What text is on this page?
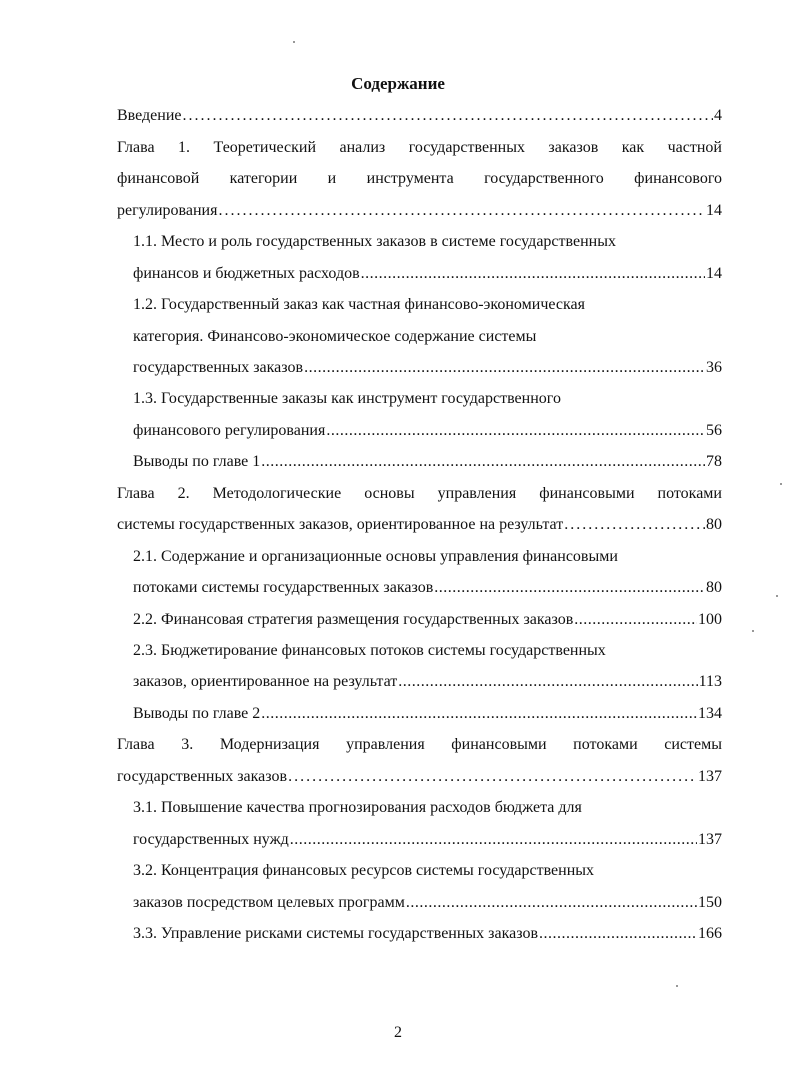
Содержание
Введение .....	4
Глава 1. Теоретический анализ государственных заказов как частной
финансовой категории и инструмента государственного финансового
регулирования .....	14
1.1. Место и роль государственных заказов в системе государственных
финансов и бюджетных расходов .....	14
1.2. Государственный заказ как частная финансово-экономическая
категория. Финансово-экономическое содержание системы
государственных заказов .....	36
1.3. Государственные заказы как инструмент государственного
финансового регулирования .....	56
Выводы по главе 1 .....	78
Глава 2. Методологические основы управления финансовыми потоками
системы государственных заказов, ориентированное на результат .....	80
2.1. Содержание и организационные основы управления финансовыми
потоками системы государственных заказов .....	80
2.2. Финансовая стратегия размещения государственных заказов .....	100
2.3. Бюджетирование финансовых потоков системы государственных
заказов, ориентированное на результат .....	113
Выводы по главе 2 .....	134
Глава 3. Модернизация управления финансовыми потоками системы
государственных заказов .....	137
3.1. Повышение качества прогнозирования расходов бюджета для
государственных нужд .....	137
3.2. Концентрация финансовых ресурсов системы государственных
заказов посредством целевых программ .....	150
3.3. Управление рисками системы государственных заказов .....	166
2
